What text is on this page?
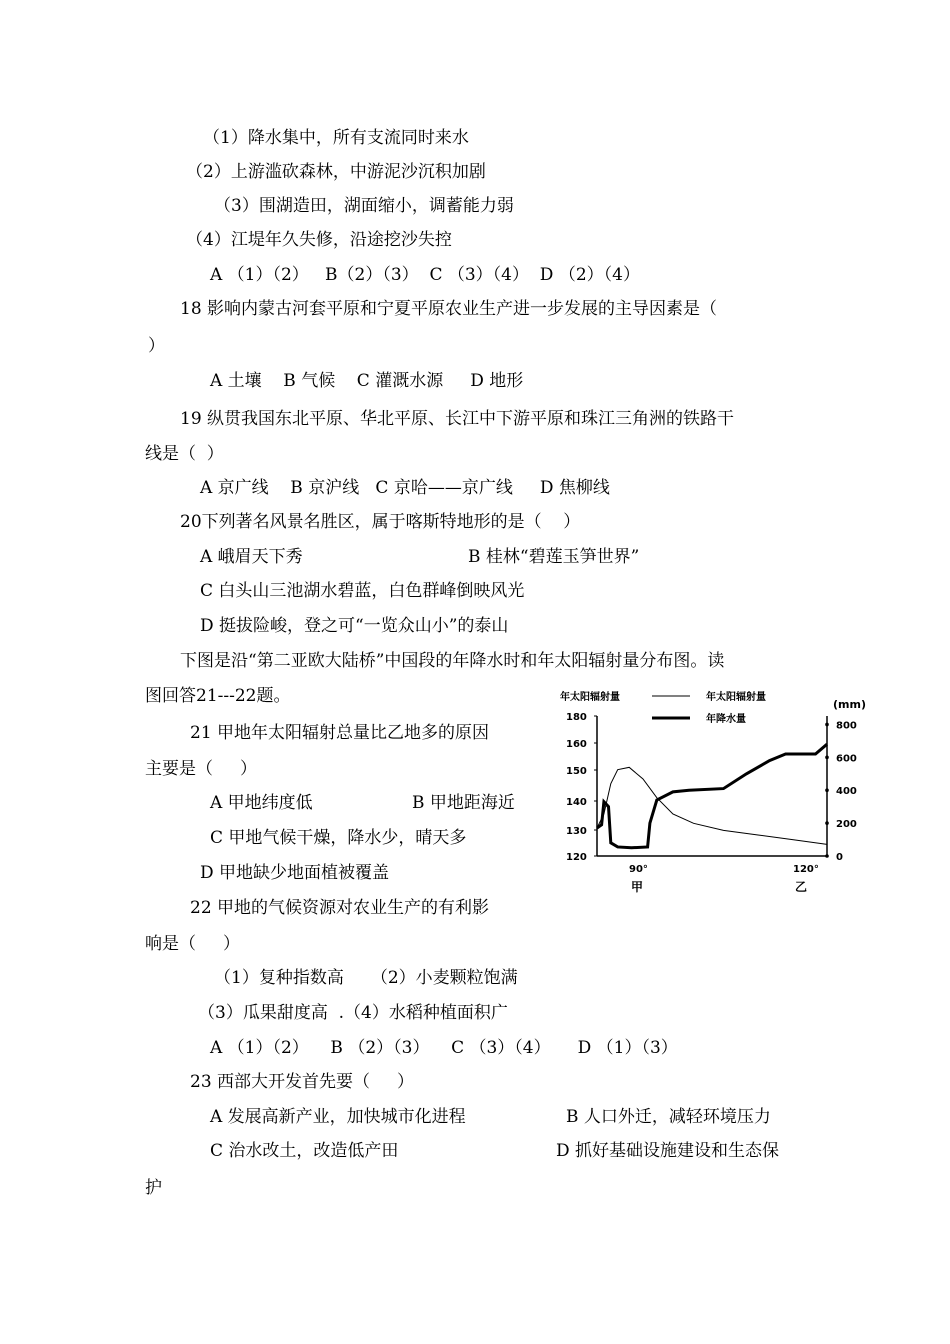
（1）降水集中，所有支流同时来水
（2）上游滥砍森林，中游泥沙沉积加剧
（3）围湖造田，湖面缩小，调蓄能力弱
（4）江堤年久失修，沿途挖沙失控
A （1）（2）   B（2）（3）  C （3）（4）  D （2）（4）
18 影响内蒙古河套平原和宁夏平原农业生产进一步发展的主导因素是（
）
A 土壤    B 气候    C 灌溉水源     D 地形
19 纵贯我国东北平原、华北平原、长江中下游平原和珠江三角洲的铁路干
线是（  ）
A 京广线    B 京沪线   C 京哈——京广线     D 焦柳线
20下列著名风景名胜区，属于喀斯特地形的是（    ）
A 峨眉天下秀	B 桂林“碧莲玉笋世界”
C 白头山三池湖水碧蓝，白色群峰倒映风光
D 挺拔险峻，登之可“一览众山小”的泰山
下图是沿“第二亚欧大陆桥”中国段的年降水时和年太阳辐射量分布图。读
图回答21---22题。
21 甲地年太阳辐射总量比乙地多的原因
主要是（     ）
A 甲地纬度低	B 甲地距海近
C 甲地气候干燥，降水少，晴天多
D 甲地缺少地面植被覆盖
22 甲地的气候资源对农业生产的有利影
响是（     ）
（1）复种指数高     （2）小麦颗粒饱满
（3）瓜果甜度高  .（4）水稻种植面积广
A （1）（2）    B （2）（3）    C （3）（4）     D （1）（3）
23 西部大开发首先要（     ）
A 发展高新产业，加快城市化进程	B 人口外迁，减轻环境压力
C 治水改土，改造低产田	D 抓好基础设施建设和生态保
护
年太阳辐射量	年太阳辐射量
年降水量
(mm)
180
160
150
140
130
120
800
600
400
200
0
90°	120°
甲	乙
